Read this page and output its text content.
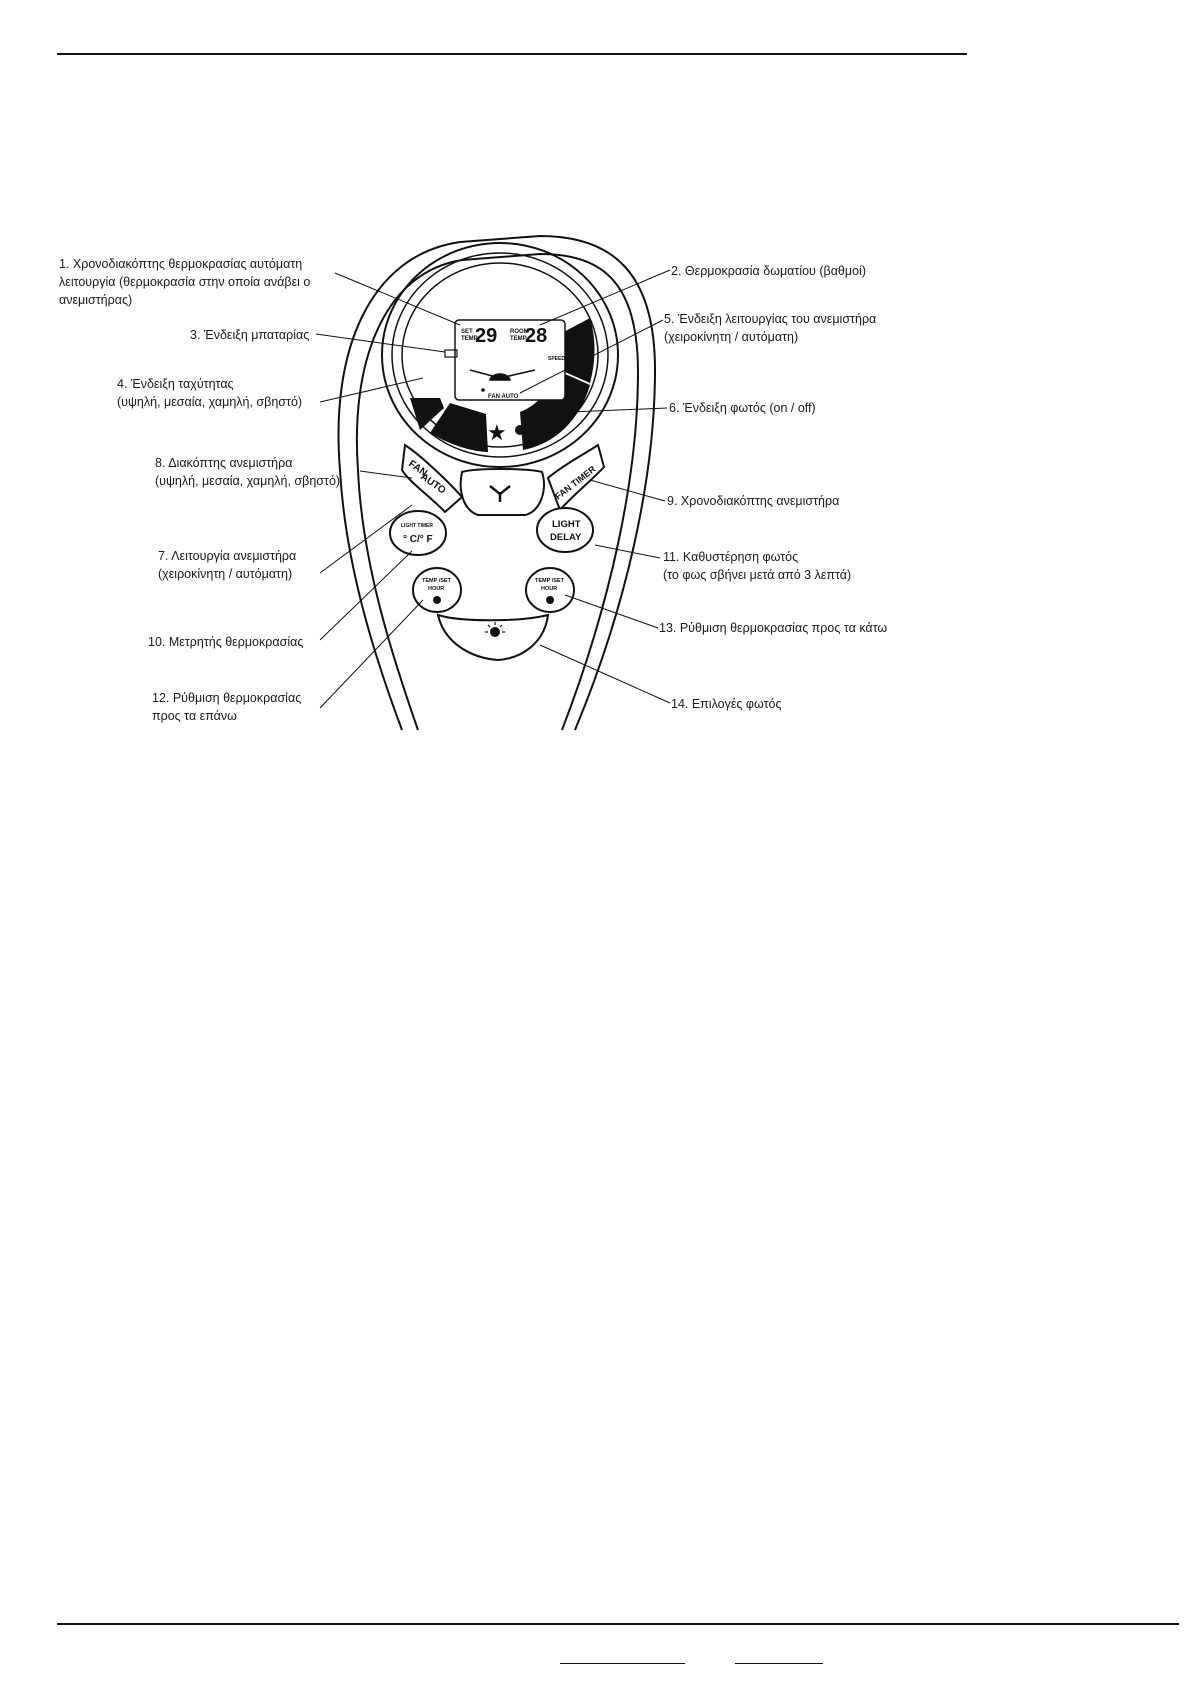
1. Χρονοδιακόπτης θερμοκρασίας αυτόματη
λειτουργία (θερμοκρασία στην οποία ανάβει ο
ανεμιστήρας)
2. Θερμοκρασία δωματίου (βαθμοί)
3. Ένδειξη μπαταρίας
4. Ένδειξη ταχύτητας
(υψηλή, μεσαία, χαμηλή, σβηστό)
5. Ένδειξη λειτουργίας του ανεμιστήρα
(χειροκίνητη / αυτόματη)
6. Ένδειξη φωτός (on / off)
7. Λειτουργία ανεμιστήρα
(χειροκίνητη / αυτόματη)
8. Διακόπτης ανεμιστήρα
(υψηλή, μεσαία, χαμηλή, σβηστό)
9. Χρονοδιακόπτης ανεμιστήρα
10. Μετρητής θερμοκρασίας
11. Καθυστέρηση φωτός
(το φως σβήνει μετά από 3 λεπτά)
12. Ρύθμιση θερμοκρασίας
προς τα επάνω
13. Ρύθμιση θερμοκρασίας προς τα κάτω
14. Επιλογές φωτός
SET
TEMP
29 ROOM
TEMP
28
SPEED
FAN AUTO
★
FAN
AUTO	FAN TIMER
LIGHT TIMER
° C/° F
LIGHT
DELAY
TEMP /SET
HOUR
TEMP /SET
HOUR
